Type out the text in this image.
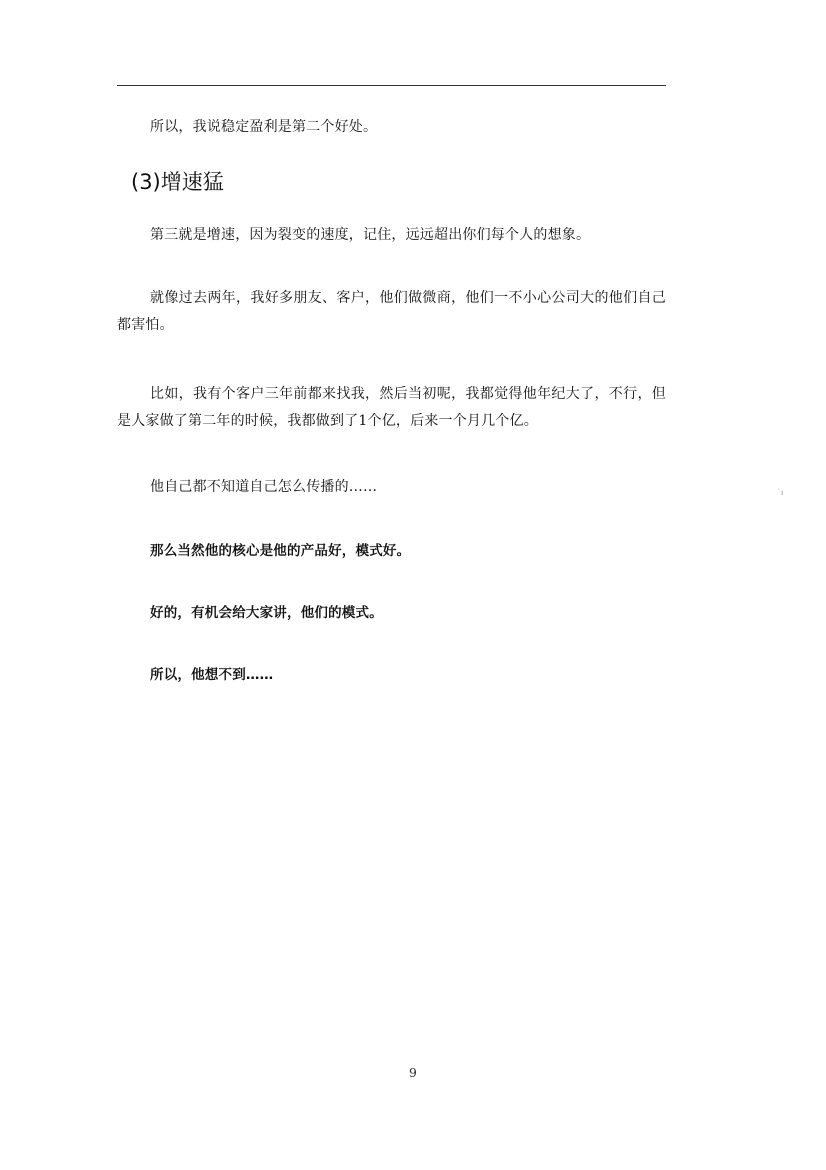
所以，我说稳定盈利是第二个好处。

(3)增速猛

第三就是增速，因为裂变的速度，记住，远远超出你们每个人的想象。

就像过去两年，我好多朋友、客户，他们做微商，他们一不小心公司大的他们自己都害怕。

比如，我有个客户三年前都来找我，然后当初呢，我都觉得他年纪大了，不行，但是人家做了第二年的时候，我都做到了1个亿，后来一个月几个亿。

他自己都不知道自己怎么传播的……

那么当然他的核心是他的产品好，模式好。

好的，有机会给大家讲，他们的模式。

所以，他想不到……

˙ı
9
